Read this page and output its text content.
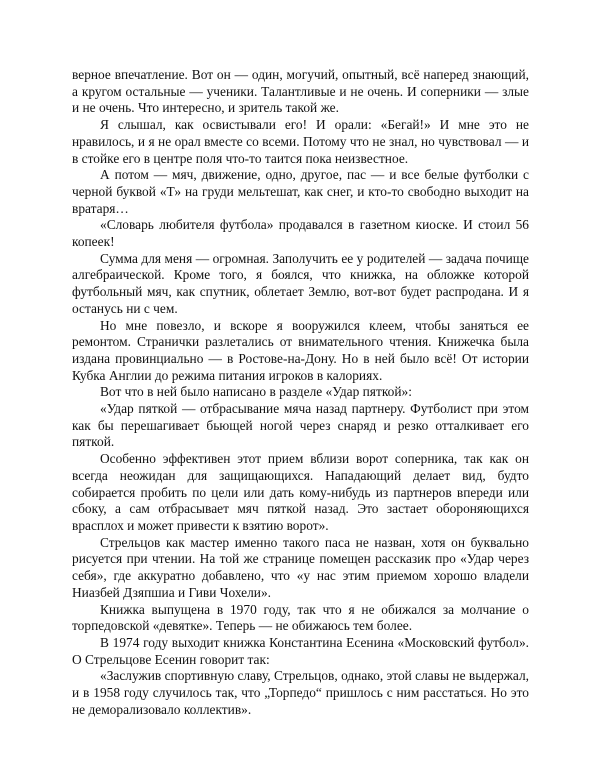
верное впечатление. Вот он — один, могучий, опытный, всё наперед знающий, а кругом остальные — ученики. Талантливые и не очень. И соперники — злые и не очень. Что интересно, и зритель такой же.

Я слышал, как освистывали его! И орали: «Бегай!» И мне это не нравилось, и я не орал вместе со всеми. Потому что не знал, но чувствовал — и в стойке его в центре поля что-то таится пока неизвестное.

А потом — мяч, движение, одно, другое, пас — и все белые футболки с черной буквой «Т» на груди мельтешат, как снег, и кто-то свободно выходит на вратаря…

«Словарь любителя футбола» продавался в газетном киоске. И стоил 56 копеек!

Сумма для меня — огромная. Заполучить ее у родителей — задача почище алгебраической. Кроме того, я боялся, что книжка, на обложке которой футбольный мяч, как спутник, облетает Землю, вот-вот будет распродана. И я останусь ни с чем.

Но мне повезло, и вскоре я вооружился клеем, чтобы заняться ее ремонтом. Странички разлетались от внимательного чтения. Книжечка была издана провинциально — в Ростове-на-Дону. Но в ней было всё! От истории Кубка Англии до режима питания игроков в калориях.

Вот что в ней было написано в разделе «Удар пяткой»:

«Удар пяткой — отбрасывание мяча назад партнеру. Футболист при этом как бы перешагивает бьющей ногой через снаряд и резко отталкивает его пяткой.

Особенно эффективен этот прием вблизи ворот соперника, так как он всегда неожидан для защищающихся. Нападающий делает вид, будто собирается пробить по цели или дать кому-нибудь из партнеров впереди или сбоку, а сам отбрасывает мяч пяткой назад. Это застает обороняющихся врасплох и может привести к взятию ворот».

Стрельцов как мастер именно такого паса не назван, хотя он буквально рисуется при чтении. На той же странице помещен рассказик про «Удар через себя», где аккуратно добавлено, что «у нас этим приемом хорошо владели Ниазбей Дзяпшиа и Гиви Чохели».

Книжка выпущена в 1970 году, так что я не обижался за молчание о торпедовской «девятке». Теперь — не обижаюсь тем более.

В 1974 году выходит книжка Константина Есенина «Московский футбол». О Стрельцове Есенин говорит так:

«Заслужив спортивную славу, Стрельцов, однако, этой славы не выдержал, и в 1958 году случилось так, что „Торпедо“ пришлось с ним расстаться. Но это не деморализовало коллектив».
